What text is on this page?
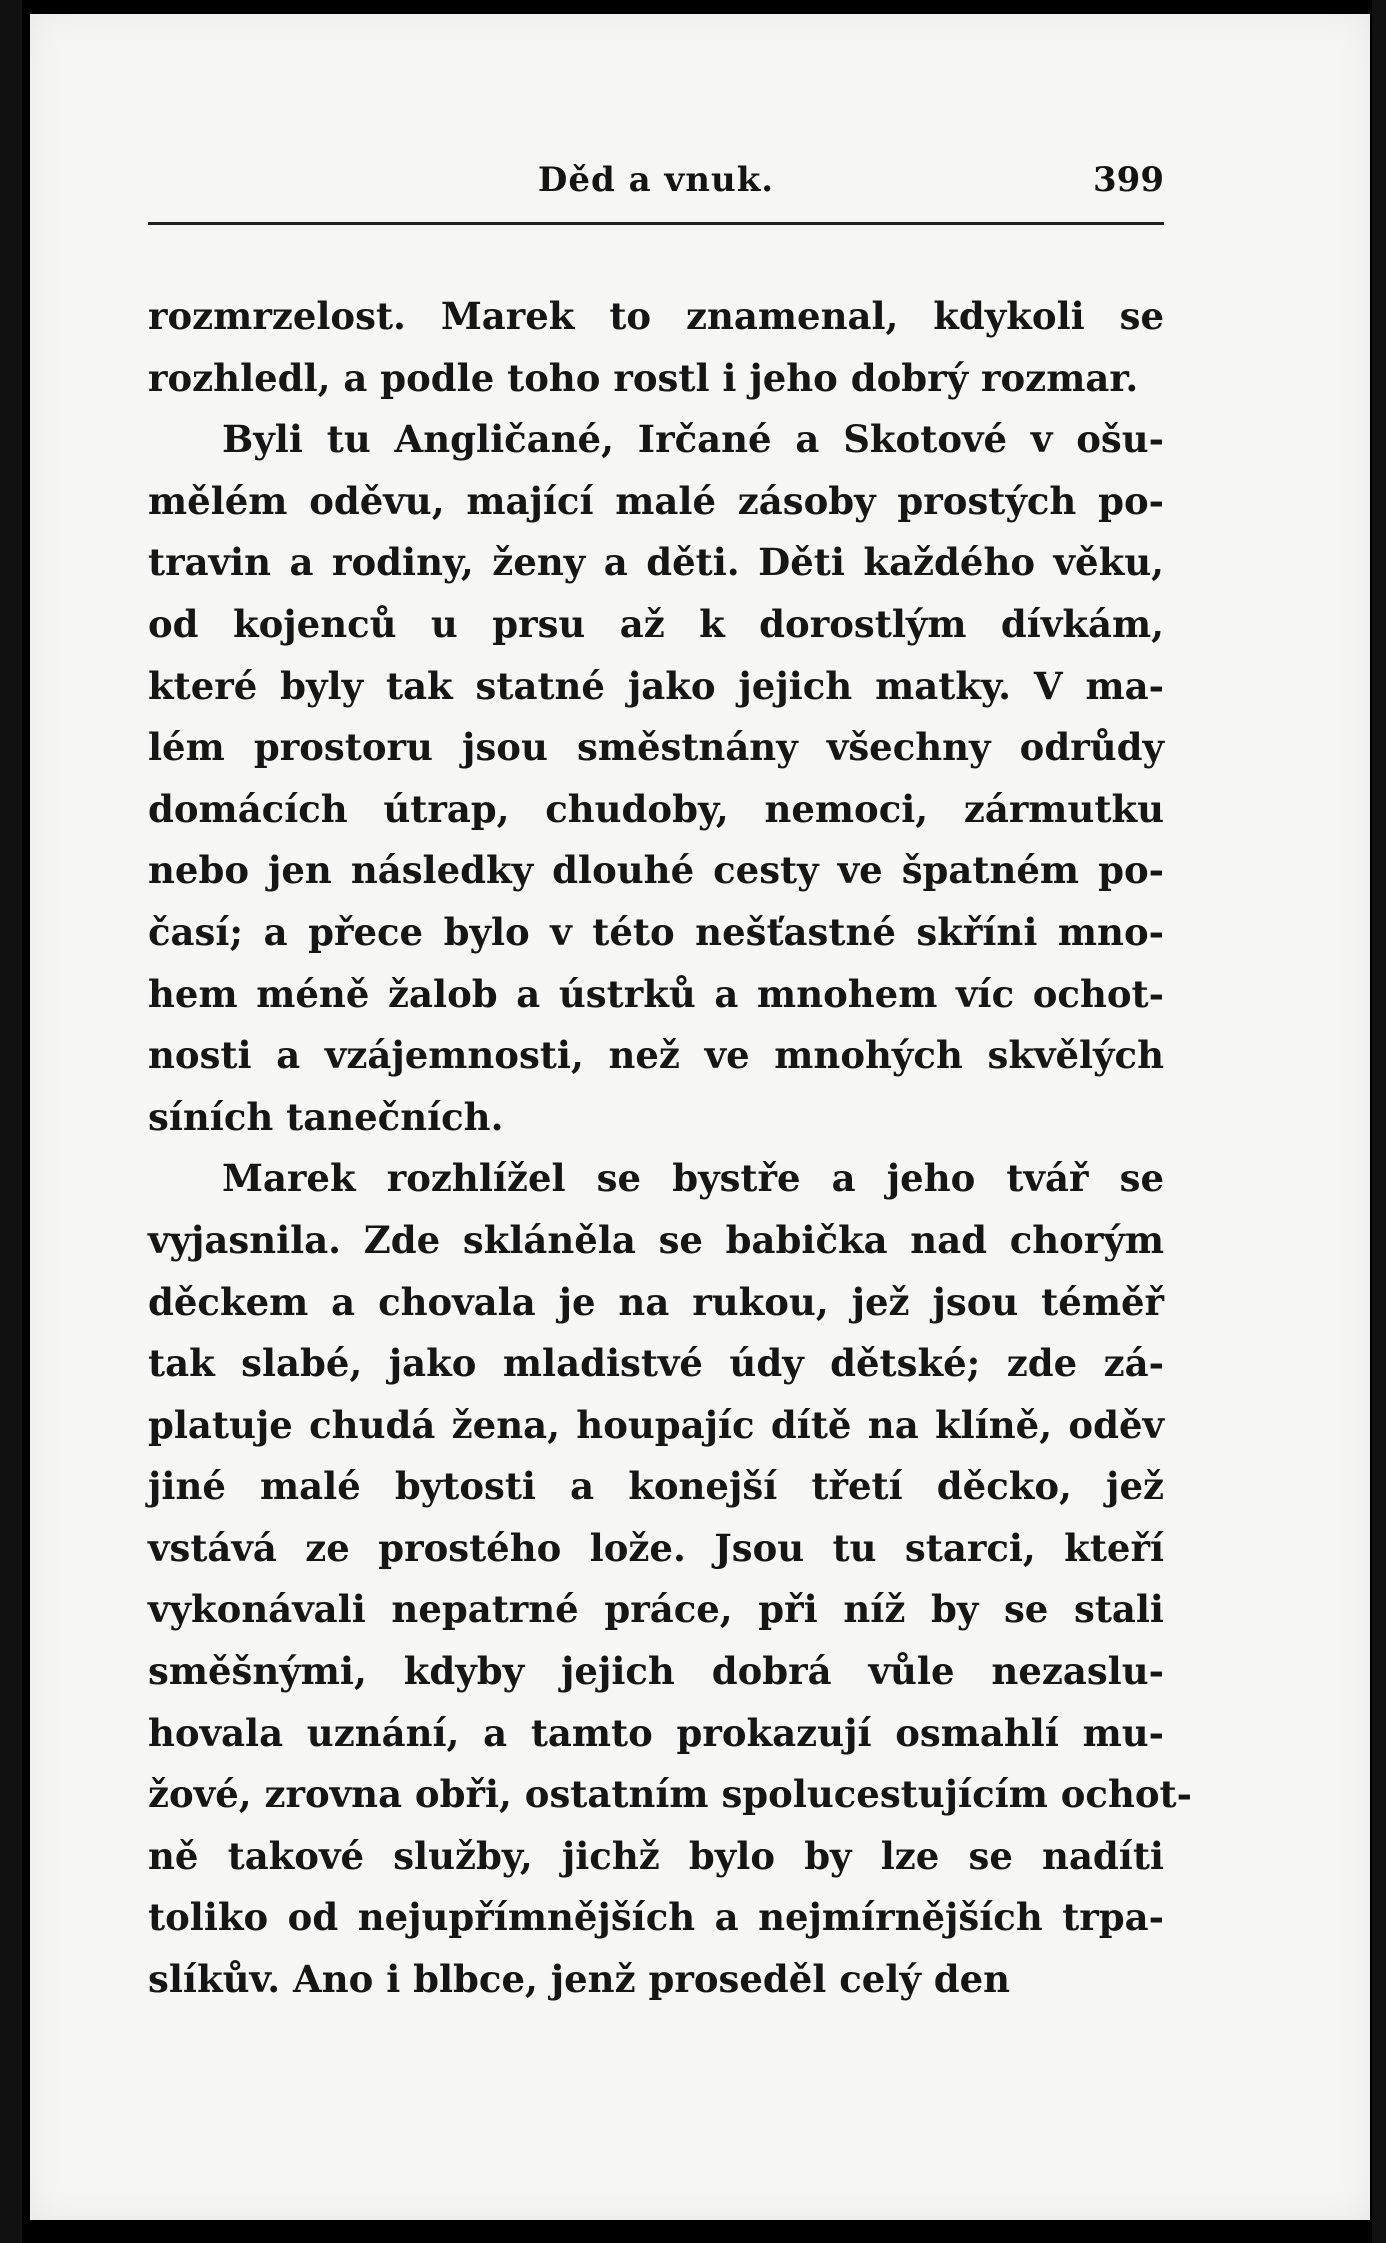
Děd a vnuk.	399
rozmrzelost. Marek to znamenal, kdykoli se
rozhledl, a podle toho rostl i jeho dobrý rozmar.
Byli tu Angličané, Irčané a Skotové v ošu-
mělém oděvu, mající malé zásoby prostých po-
travin a rodiny, ženy a děti. Děti každého věku,
od kojenců u prsu až k dorostlým dívkám,
které byly tak statné jako jejich matky. V ma-
lém prostoru jsou směstnány všechny odrůdy
domácích útrap, chudoby, nemoci, zármutku
nebo jen následky dlouhé cesty ve špatném po-
časí; a přece bylo v této nešťastné skříni mno-
hem méně žalob a ústrků a mnohem víc ochot-
nosti a vzájemnosti, než ve mnohých skvělých
síních tanečních.
Marek rozhlížel se bystře a jeho tvář se
vyjasnila. Zde skláněla se babička nad chorým
děckem a chovala je na rukou, jež jsou téměř
tak slabé, jako mladistvé údy dětské; zde zá-
platuje chudá žena, houpajíc dítě na klíně, oděv
jiné malé bytosti a konejší třetí děcko, jež
vstává ze prostého lože. Jsou tu starci, kteří
vykonávali nepatrné práce, při níž by se stali
směšnými, kdyby jejich dobrá vůle nezaslu-
hovala uznání, a tamto prokazují osmahlí mu-
žové, zrovna obři, ostatním spolucestujícím ochot-
ně takové služby, jichž bylo by lze se nadíti
toliko od nejupřímnějších a nejmírnějších trpa-
slíkův. Ano i blbce, jenž proseděl celý den
